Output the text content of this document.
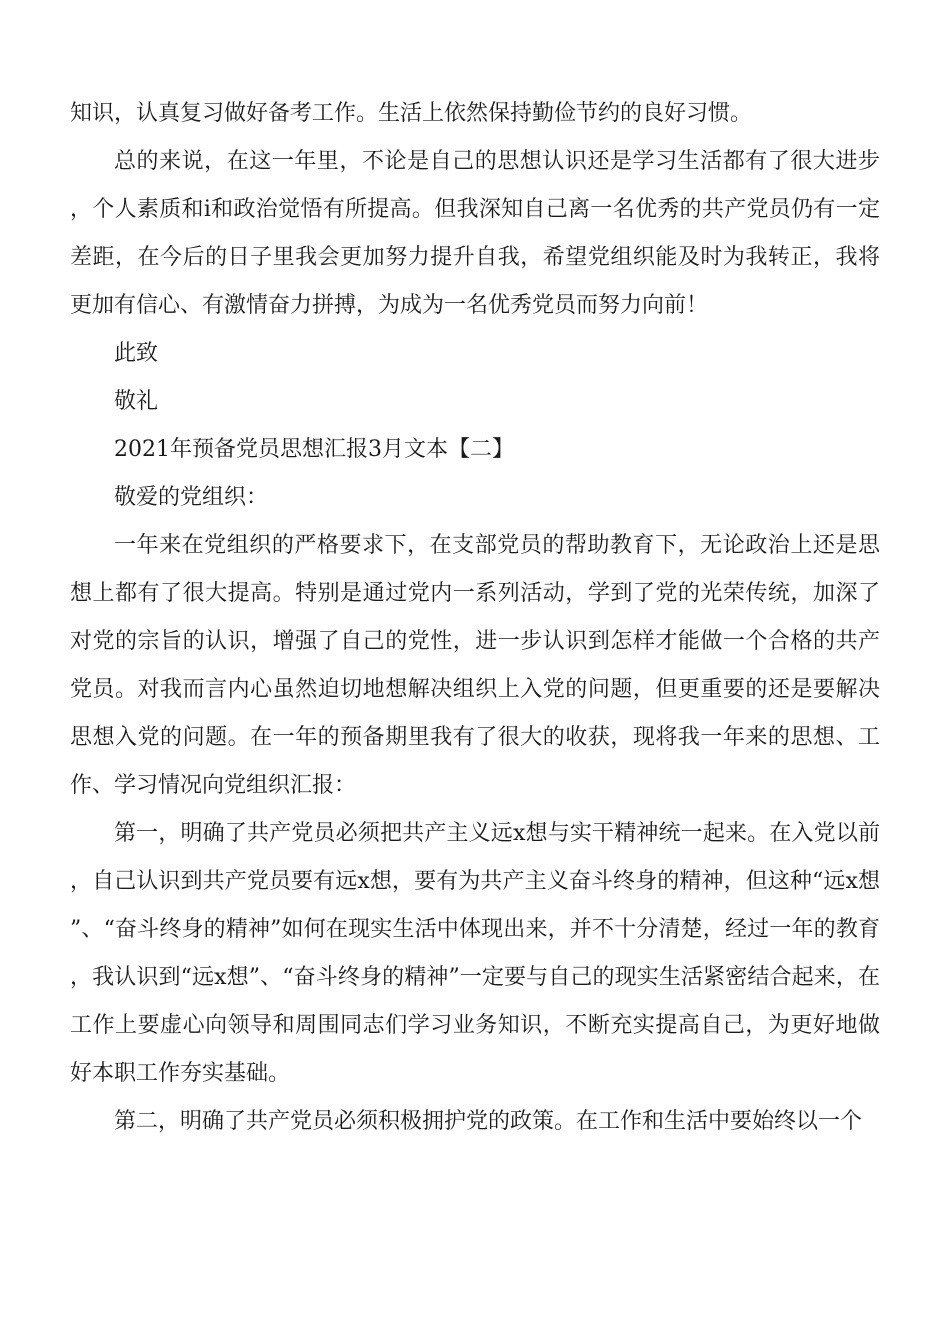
知识，认真复习做好备考工作。生活上依然保持勤俭节约的良好习惯。

总的来说，在这一年里，不论是自己的思想认识还是学习生活都有了很大进步，个人素质和i和政治觉悟有所提高。但我深知自己离一名优秀的共产党员仍有一定差距，在今后的日子里我会更加努力提升自我，希望党组织能及时为我转正，我将更加有信心、有激情奋力拼搏，为成为一名优秀党员而努力向前！

此致

敬礼

2021年预备党员思想汇报3月文本【二】

敬爱的党组织：

一年来在党组织的严格要求下，在支部党员的帮助教育下，无论政治上还是思想上都有了很大提高。特别是通过党内一系列活动，学到了党的光荣传统，加深了对党的宗旨的认识，增强了自己的党性，进一步认识到怎样才能做一个合格的共产党员。对我而言内心虽然迫切地想解决组织上入党的问题，但更重要的还是要解决思想入党的问题。在一年的预备期里我有了很大的收获，现将我一年来的思想、工作、学习情况向党组织汇报：

第一，明确了共产党员必须把共产主义远x想与实干精神统一起来。在入党以前，自己认识到共产党员要有远x想，要有为共产主义奋斗终身的精神，但这种“远x想”、“奋斗终身的精神”如何在现实生活中体现出来，并不十分清楚，经过一年的教育，我认识到“远x想”、“奋斗终身的精神”一定要与自己的现实生活紧密结合起来，在工作上要虚心向领导和周围同志们学习业务知识，不断充实提高自己，为更好地做好本职工作夯实基础。

第二，明确了共产党员必须积极拥护党的政策。在工作和生活中要始终以一个
